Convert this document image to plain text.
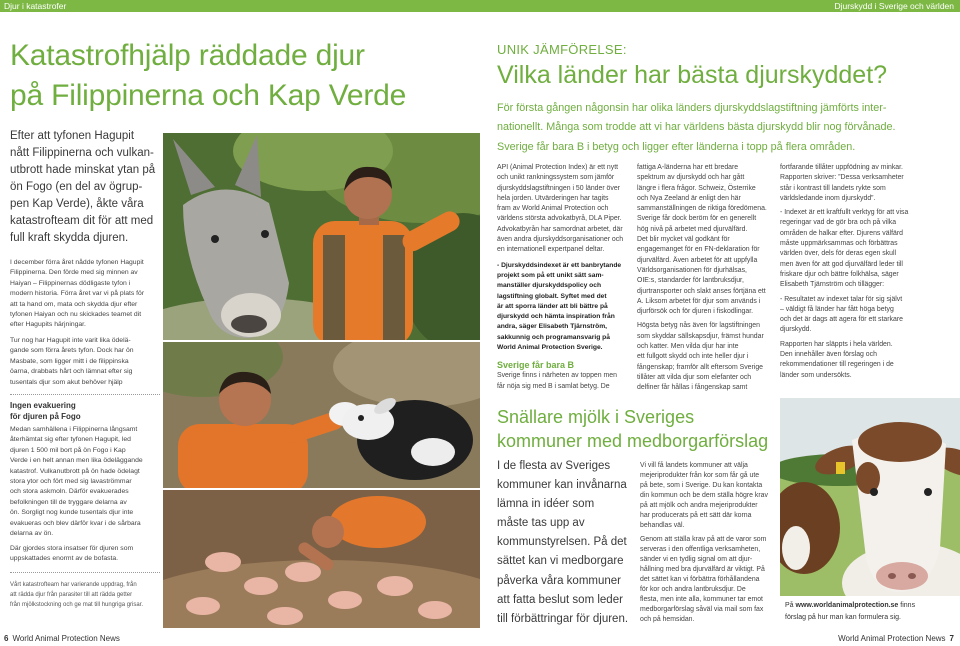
Djur i katastrofer	Djurskydd i Sverige och världen
Katastrofhjälp räddade djur
på Filippinerna och Kap Verde
Efter att tyfonen Hagupit
nått Filippinerna och vulkan-
utbrott hade minskat ytan på
ön Fogo (en del av ögrup-
pen Kap Verde), åkte våra
katastrofteam dit för att med
full kraft skydda djuren.
I december förra året nådde tyfonen Hagupit
Filippinerna. Den förde med sig minnen av
Haiyan – Filippinernas dödligaste tyfon i
modern historia. Förra året var vi på plats för
att ta hand om, mata och skydda djur efter
tyfonen Haiyan och nu skickades teamet dit
efter Hagupits härjningar.
Tur nog har Hagupit inte varit lika ödelä-
gande som förra årets tyfon. Dock har ön
Masbate, som ligger mitt i de filippinska
öarna, drabbats hårt och lämnat efter sig
tusentals djur som akut behöver hjälp
Ingen evakuering
för djuren på Fogo
Medan samhällena i Filippinerna långsamt
återhämtat sig efter tyfonen Hagupit, led
djuren 1 500 mil bort på ön Fogo i Kap
Verde i en helt annan men lika ödeläggande
katastrof. Vulkanutbrott på ön hade ödelagt
stora ytor och fört med sig lavaströmmar
och stora askmoln. Därför evakuerades
befolkningen till de tryggare delarna av
ön. Sorgligt nog kunde tusentals djur inte
evakueras och blev därför kvar i de sårbara
delarna av ön.
Där gjordes stora insatser för djuren som
uppskattades enormt av de bofasta.
Vårt katastrofteam har varierande uppdrag, från
att rädda djur från parasiter till att rädda getter
från mjölkstockning och ge mat till hungriga grisar.
6 World Animal Protection News
UNIK JÄMFÖRELSE:
Vilka länder har bästa djurskyddet?
För första gången någonsin har olika länders djurskyddslagstiftning jämförts inter-
nationellt. Många som trodde att vi har världens bästa djurskydd blir nog förvånade.
Sverige får bara B i betyg och ligger efter länderna i topp på flera områden.
API (Animal Protection Index) är ett nytt
och unikt rankningssystem som jämför
djurskyddslagstiftningen i 50 länder över
hela jorden. Utvärderingen har tagits
fram av World Animal Protection och
världens största advokatbyrå, DLA Piper.
Advokatbyrån har samordnat arbetet, där
även andra djurskyddsorganisationer och
en internationell expertpanel deltar.
- Djurskyddsindexet är ett banbrytande
projekt som på ett unikt sätt sam-
manställer djurskyddspolicy och
lagstiftning globalt. Syftet med det
är att sporra länder att bli bättre på
djurskydd och hämta inspiration från
andra, säger Elisabeth Tjärnström,
sakkunnig och programansvarig på
World Animal Protection Sverige.
Sverige får bara B
Sverige finns i närheten av toppen men
får nöja sig med B i samlat betyg. De
fattiga A-länderna har ett bredare
spektrum av djurskydd och har gått
längre i flera frågor. Schweiz, Österrike
och Nya Zeeland är enligt den här
sammanställningen de riktiga föredömena.
Sverige får dock beröm för en generellt
hög nivå på arbetet med djurvälfärd.
Det blir mycket väl godkänt för
engagemanget för en FN-deklaration för
djurvälfärd. Även arbetet för att uppfylla
Världsorganisationen för djurhälsas,
OIE:s, standarder för lantbruksdjur,
djurtransporter och slakt anses förtjäna ett
A. Liksom arbetet för djur som används i
djurförsök och för djuren i fiskodlingar.
Högsta betyg nås även för lagstiftningen
som skyddar sällskapsdjur, främst hundar
och katter. Men vilda djur har inte
ett fullgott skydd och inte heller djur i
fångenskap; framför allt eftersom Sverige
tillåter att vilda djur som elefanter och
delfiner får hållas i fångenskap samt
fortfarande tillåter uppfödning av minkar.
Rapporten skriver: ”Dessa verksamheter
står i kontrast till landets rykte som
världsledande inom djurskydd”.
- Indexet är ett kraftfullt verktyg för att visa
regeringar vad de gör bra och på vilka
områden de halkar efter. Djurens välfärd
måste uppmärksammas och förbättras
världen över, dels för deras egen skull
men även för att god djurvälfärd leder till
friskare djur och bättre folkhälsa, säger
Elisabeth Tjärnström och tillägger:
- Resultatet av indexet talar för sig självt
– väldigt få länder har fått höga betyg
och det är dags att agera för ett starkare
djurskydd.
Rapporten har släppts i hela världen.
Den innehåller även förslag och
rekommendationer till regeringen i de
länder som undersökts.
Snällare mjölk i Sveriges
kommuner med medborgarförslag
I de flesta av Sveriges
kommuner kan invånarna
lämna in idéer som
måste tas upp av
kommunstyrelsen. På det
sättet kan vi medborgare
påverka våra kommuner
att fatta beslut som leder
till förbättringar för djuren.
Vi vill få landets kommuner att välja
mejeriprodukter från kor som får gå ute
på bete, som i Sverige. Du kan kontakta
din kommun och be dem ställa högre krav
på att mjölk och andra mejeriprodukter
har producerats på ett sätt där korna
behandlas väl.
Genom att ställa krav på att de varor som
serveras i den offentliga verksamheten,
sänder vi en tydlig signal om att djur-
hållning med bra djurvälfärd är viktigt. På
det sättet kan vi förbättra förhållandena
för kor och andra lantbruksdjur. De
flesta, men inte alla, kommuner tar emot
medborgarförslag såväl via mail som fax
och på hemsidan.
På www.worldanimalprotection.se finns
förslag på hur man kan formulera sig.
World Animal Protection News 7
